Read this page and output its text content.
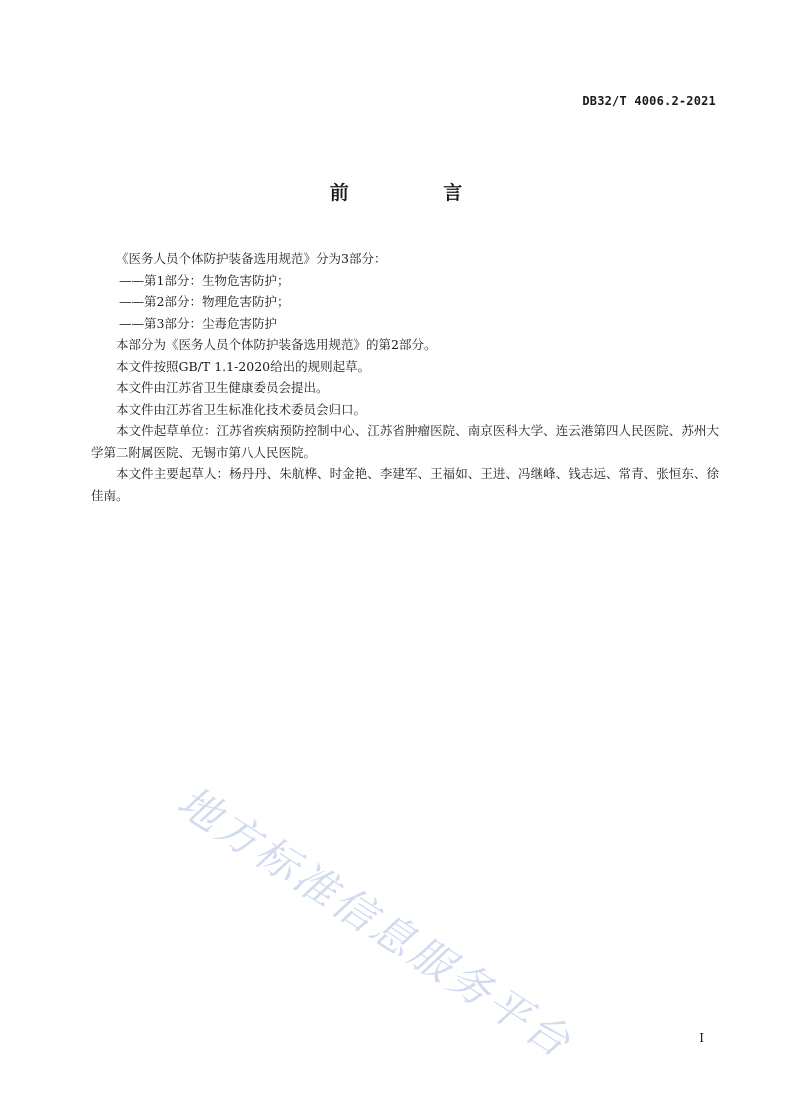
DB32/T 4006.2-2021
前 言

《医务人员个体防护装备选用规范》分为3部分：

——第1部分：生物危害防护；

——第2部分：物理危害防护；

——第3部分：尘毒危害防护

本部分为《医务人员个体防护装备选用规范》的第2部分。

本文件按照GB/T 1.1-2020给出的规则起草。

本文件由江苏省卫生健康委员会提出。

本文件由江苏省卫生标准化技术委员会归口。

本文件起草单位：江苏省疾病预防控制中心、江苏省肿瘤医院、南京医科大学、连云港第四人民医院、苏州大学第二附属医院、无锡市第八人民医院。

本文件主要起草人：杨丹丹、朱航桦、时金艳、李建军、王福如、王进、冯继峰、钱志远、常青、张恒东、徐佳南。

地方标准信息服务平台	I
